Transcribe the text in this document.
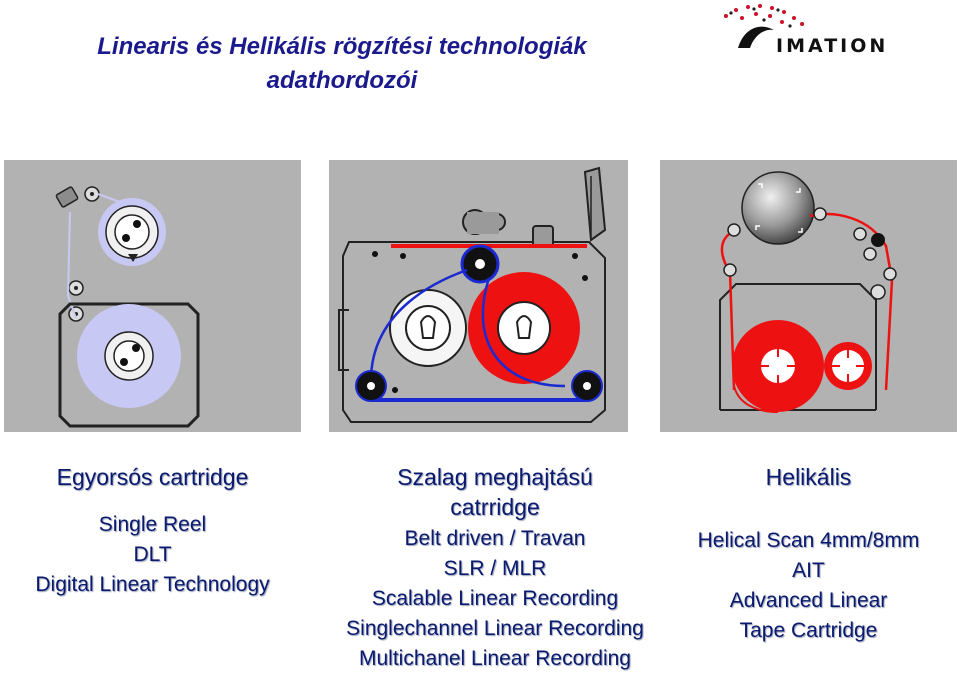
Linearis és Helikális rögzítési technologiák
adathordozói
IMATION
Egyorsós cartridge
Single Reel
DLT
Digital Linear Technology
Szalag meghajtású
catrridge
Belt driven / Travan
SLR / MLR
Scalable Linear Recording
Singlechannel Linear Recording
Multichanel Linear Recording
Helikális
Helical Scan 4mm/8mm
AIT
Advanced Linear
Tape Cartridge
